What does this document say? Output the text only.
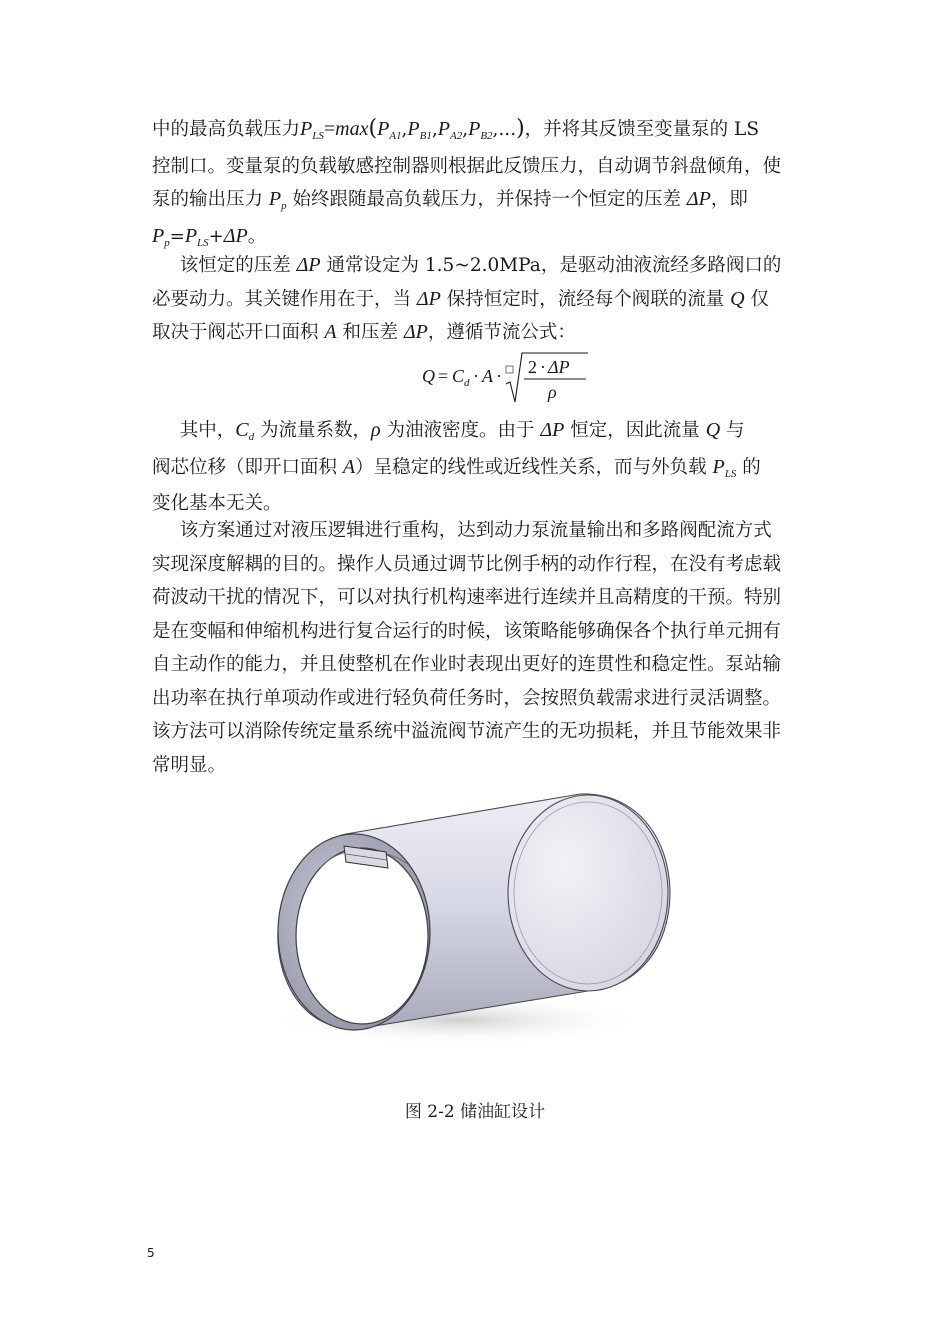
中的最高负载压力$P_{LS}=\max(P_{A1},P_{B1},P_{A2},P_{B2},...)$，并将其反馈至变量泵的 LS
控制口。变量泵的负载敏感控制器则根据此反馈压力，自动调节斜盘倾角，使
泵的输出压力 $P_p$ 始终跟随最高负载压力，并保持一个恒定的压差 ΔP，即
$P_p=P_{LS}+\Delta P$。
  该恒定的压差 ΔP 通常设定为 1.5~2.0MPa，是驱动油液流经多路阀口的
必要动力。其关键作用在于，当 ΔP 保持恒定时，流经每个阀联的流量 Q 仅
取决于阀芯开口面积 A 和压差 ΔP，遵循节流公式：
Q = C d · A · 2 · ΔP
ρ
  其中，$C_d$ 为流量系数，ρ 为油液密度。由于 ΔP 恒定，因此流量 Q 与
阀芯位移（即开口面积 A）呈稳定的线性或近线性关系，而与外负载 $P_{LS}$ 的
变化基本无关。
  该方案通过对液压逻辑进行重构，达到动力泵流量输出和多路阀配流方式
实现深度解耦的目的。操作人员通过调节比例手柄的动作行程，在没有考虑载
荷波动干扰的情况下，可以对执行机构速率进行连续并且高精度的干预。特别
是在变幅和伸缩机构进行复合运行的时候，该策略能够确保各个执行单元拥有
自主动作的能力，并且使整机在作业时表现出更好的连贯性和稳定性。泵站输
出功率在执行单项动作或进行轻负荷任务时，会按照负载需求进行灵活调整。
该方法可以消除传统定量系统中溢流阀节流产生的无功损耗，并且节能效果非
常明显。
图 2-2 储油缸设计
5
